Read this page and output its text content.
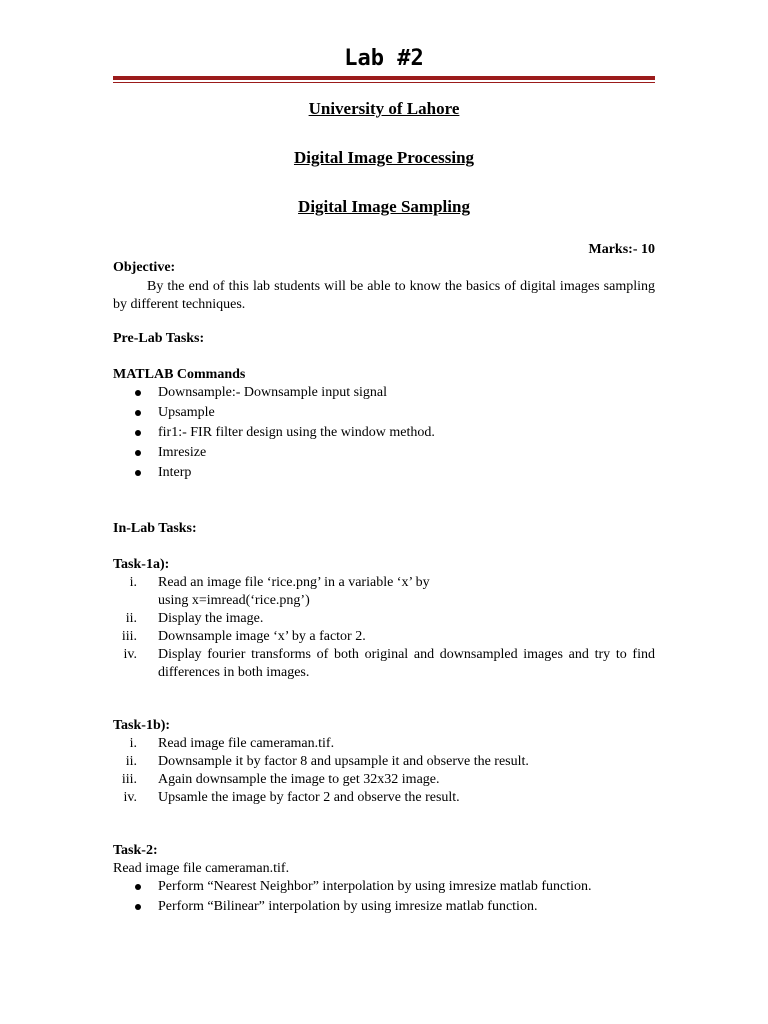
Lab #2
University of Lahore
Digital Image Processing
Digital Image Sampling
Marks:- 10
Objective:
By the end of this lab students will be able to know the basics of digital images sampling by different techniques.
Pre-Lab Tasks:
MATLAB Commands
Downsample:- Downsample input signal
Upsample
fir1:- FIR filter design using the window method.
Imresize
Interp
In-Lab Tasks:
Task-1a):
i. Read an image file ‘rice.png’ in a variable ‘x’ by using x=imread(‘rice.png’)
ii. Display the image.
iii. Downsample image ‘x’ by a factor 2.
iv. Display fourier transforms of both original and downsampled images and try to find differences in both images.
Task-1b):
i. Read image file cameraman.tif.
ii. Downsample it by factor 8 and upsample it and observe the result.
iii. Again downsample the image to get 32x32 image.
iv. Upsamle the image by factor 2 and observe the result.
Task-2:
Read image file cameraman.tif.
Perform “Nearest Neighbor” interpolation by using imresize matlab function.
Perform “Bilinear” interpolation by using imresize matlab function.
